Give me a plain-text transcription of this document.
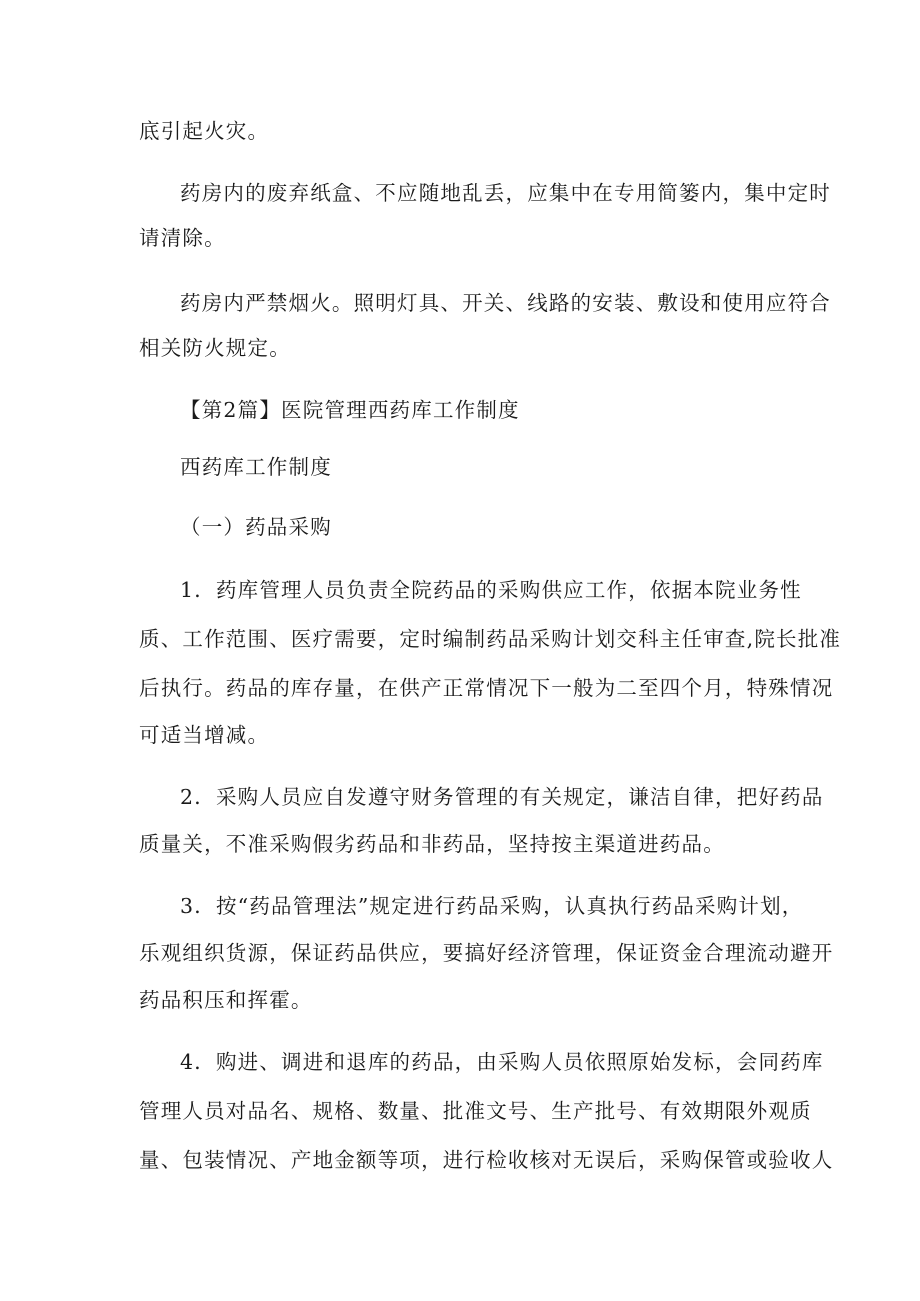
底引起火灾。
药房内的废弃纸盒、不应随地乱丢，应集中在专用简篓内，集中定时
请清除。
药房内严禁烟火。照明灯具、开关、线路的安装、敷设和使用应符合
相关防火规定。
【第2篇】医院管理西药库工作制度
西药库工作制度
（一）药品采购
1．药库管理人员负责全院药品的采购供应工作，依据本院业务性
质、工作范围、医疗需要，定时编制药品采购计划交科主任审查,院长批准
后执行。药品的库存量，在供产正常情况下一般为二至四个月，特殊情况
可适当增减。
2．采购人员应自发遵守财务管理的有关规定，谦洁自律，把好药品
质量关，不准采购假劣药品和非药品，坚持按主渠道进药品。
3．按“药品管理法”规定进行药品采购，认真执行药品采购计划，
乐观组织货源，保证药品供应，要搞好经济管理，保证资金合理流动避开
药品积压和挥霍。
4．购进、调进和退库的药品，由采购人员依照原始发标，会同药库
管理人员对品名、规格、数量、批准文号、生产批号、有效期限外观质
量、包装情况、产地金额等项，进行检收核对无误后，采购保管或验收人
